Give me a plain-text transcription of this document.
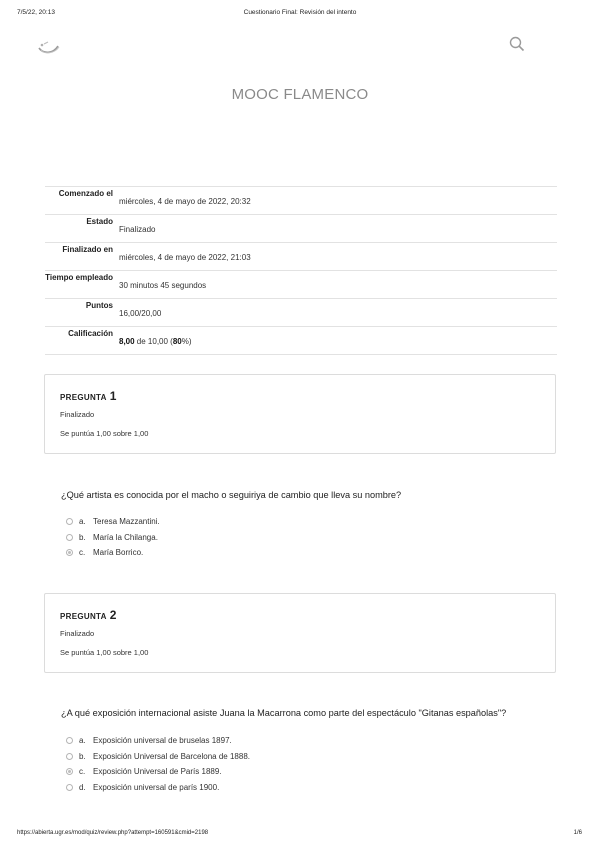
7/5/22, 20:13	Cuestionario Final: Revisión del intento
MOOC FLAMENCO
Comenzado el	miércoles, 4 de mayo de 2022, 20:32
Estado	Finalizado
Finalizado en	miércoles, 4 de mayo de 2022, 21:03
Tiempo empleado	30 minutos 45 segundos
Puntos	16,00/20,00
Calificación	8,00 de 10,00 (80%)
PREGUNTA 1
Finalizado
Se puntúa 1,00 sobre 1,00
¿Qué artista es conocida por el macho o seguiriya de cambio que lleva su nombre?
a. Teresa Mazzantini.
b. María la Chilanga.
c. María Borrico.
PREGUNTA 2
Finalizado
Se puntúa 1,00 sobre 1,00
¿A qué exposición internacional asiste Juana la Macarrona como parte del espectáculo "Gitanas españolas"?
a. Exposición universal de bruselas 1897.
b. Exposición Universal de Barcelona de 1888.
c. Exposición Universal de París 1889.
d. Exposición universal de parís 1900.
https://abierta.ugr.es/mod/quiz/review.php?attempt=160591&cmid=2198	1/6
